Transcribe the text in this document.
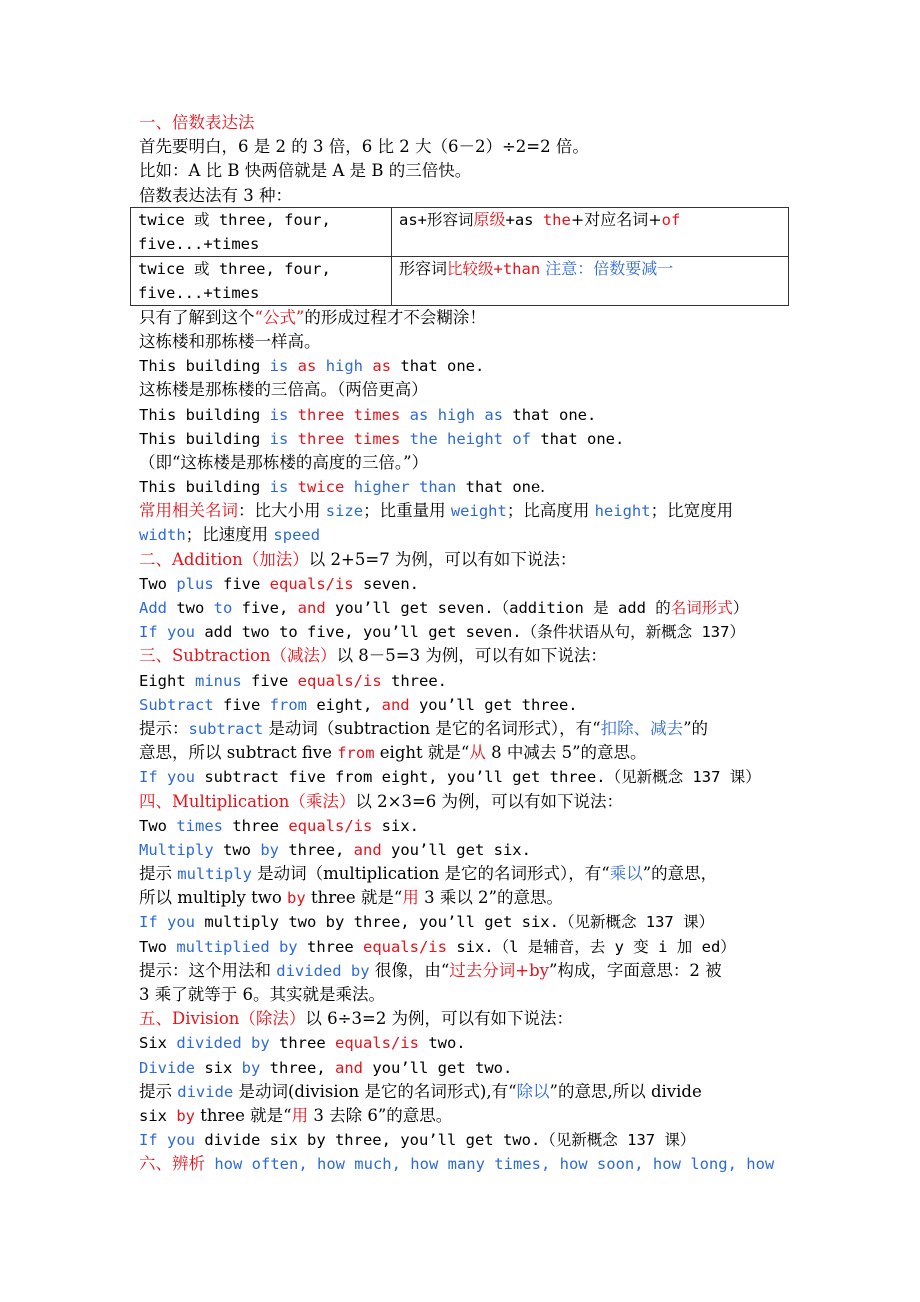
一、倍数表达法
首先要明白，6 是 2 的 3 倍，6 比 2 大（6－2）÷2=2 倍。
比如：A 比 B 快两倍就是 A 是 B 的三倍快。
倍数表达法有 3 种：
twice 或 three, four, five...+times	as+形容词原级+as the+对应名词+of
twice 或 three, four, five...+times	形容词比较级+than 注意：倍数要减一
只有了解到这个“公式”的形成过程才不会糊涂！
这栋楼和那栋楼一样高。
This building is as high as that one.
这栋楼是那栋楼的三倍高。（两倍更高）
This building is three times as high as that one.
This building is three times the height of that one.
（即“这栋楼是那栋楼的高度的三倍。”）
This building is twice higher than that one.
常用相关名词：比大小用 size；比重量用 weight；比高度用 height；比宽度用
width；比速度用 speed
二、Addition（加法）以 2+5=7 为例，可以有如下说法：
Two plus five equals/is seven.
Add two to five, and you’ll get seven.（addition 是 add 的名词形式）
If you add two to five, you’ll get seven.（条件状语从句，新概念 137）
三、Subtraction（减法）以 8－5=3 为例，可以有如下说法：
Eight minus five equals/is three.
Subtract five from eight, and you’ll get three.
提示：subtract 是动词（subtraction 是它的名词形式），有“扣除、减去”的
意思，所以 subtract five from eight 就是“从 8 中减去 5”的意思。
If you subtract five from eight, you’ll get three.（见新概念 137 课）
四、Multiplication（乘法）以 2×3=6 为例，可以有如下说法：
Two times three equals/is six.
Multiply two by three, and you’ll get six.
提示 multiply 是动词（multiplication 是它的名词形式），有“乘以”的意思，
所以 multiply two by three 就是“用 3 乘以 2”的意思。
If you multiply two by three, you’ll get six.（见新概念 137 课）
Two multiplied by three equals/is six.（l 是辅音，去 y 变 i 加 ed）
提示：这个用法和 divided by 很像，由“过去分词+by”构成，字面意思：2 被
3 乘了就等于 6。其实就是乘法。
五、Division（除法）以 6÷3=2 为例，可以有如下说法：
Six divided by three equals/is two.
Divide six by three, and you’ll get two.
提示 divide 是动词(division 是它的名词形式),有“除以”的意思,所以 divide
six by three 就是“用 3 去除 6”的意思。
If you divide six by three, you’ll get two.（见新概念 137 课）
六、辨析 how often, how much, how many times, how soon, how long, how
